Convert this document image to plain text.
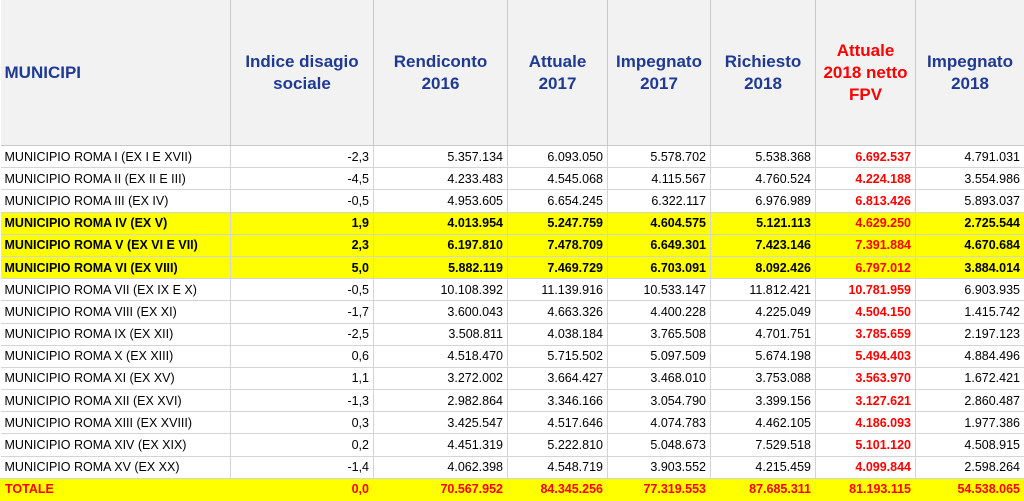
MUNICIPI	Indice disagio sociale	Rendiconto 2016	Attuale 2017	Impegnato 2017	Richiesto 2018	Attuale 2018 netto FPV	Impegnato 2018
MUNICIPIO ROMA I (EX I E XVII)	-2,3	5.357.134	6.093.050	5.578.702	5.538.368	6.692.537	4.791.031
MUNICIPIO ROMA II (EX II E III)	-4,5	4.233.483	4.545.068	4.115.567	4.760.524	4.224.188	3.554.986
MUNICIPIO ROMA III (EX IV)	-0,5	4.953.605	6.654.245	6.322.117	6.976.989	6.813.426	5.893.037
MUNICIPIO ROMA IV (EX V)	1,9	4.013.954	5.247.759	4.604.575	5.121.113	4.629.250	2.725.544
MUNICIPIO ROMA V (EX VI E VII)	2,3	6.197.810	7.478.709	6.649.301	7.423.146	7.391.884	4.670.684
MUNICIPIO ROMA VI (EX VIII)	5,0	5.882.119	7.469.729	6.703.091	8.092.426	6.797.012	3.884.014
MUNICIPIO ROMA VII (EX IX E X)	-0,5	10.108.392	11.139.916	10.533.147	11.812.421	10.781.959	6.903.935
MUNICIPIO ROMA VIII (EX XI)	-1,7	3.600.043	4.663.326	4.400.228	4.225.049	4.504.150	1.415.742
MUNICIPIO ROMA IX (EX XII)	-2,5	3.508.811	4.038.184	3.765.508	4.701.751	3.785.659	2.197.123
MUNICIPIO ROMA X (EX XIII)	0,6	4.518.470	5.715.502	5.097.509	5.674.198	5.494.403	4.884.496
MUNICIPIO ROMA XI (EX XV)	1,1	3.272.002	3.664.427	3.468.010	3.753.088	3.563.970	1.672.421
MUNICIPIO ROMA XII (EX XVI)	-1,3	2.982.864	3.346.166	3.054.790	3.399.156	3.127.621	2.860.487
MUNICIPIO ROMA XIII (EX XVIII)	0,3	3.425.547	4.517.646	4.074.783	4.462.105	4.186.093	1.977.386
MUNICIPIO ROMA XIV (EX XIX)	0,2	4.451.319	5.222.810	5.048.673	7.529.518	5.101.120	4.508.915
MUNICIPIO ROMA XV (EX XX)	-1,4	4.062.398	4.548.719	3.903.552	4.215.459	4.099.844	2.598.264
TOTALE	0,0	70.567.952	84.345.256	77.319.553	87.685.311	81.193.115	54.538.065
